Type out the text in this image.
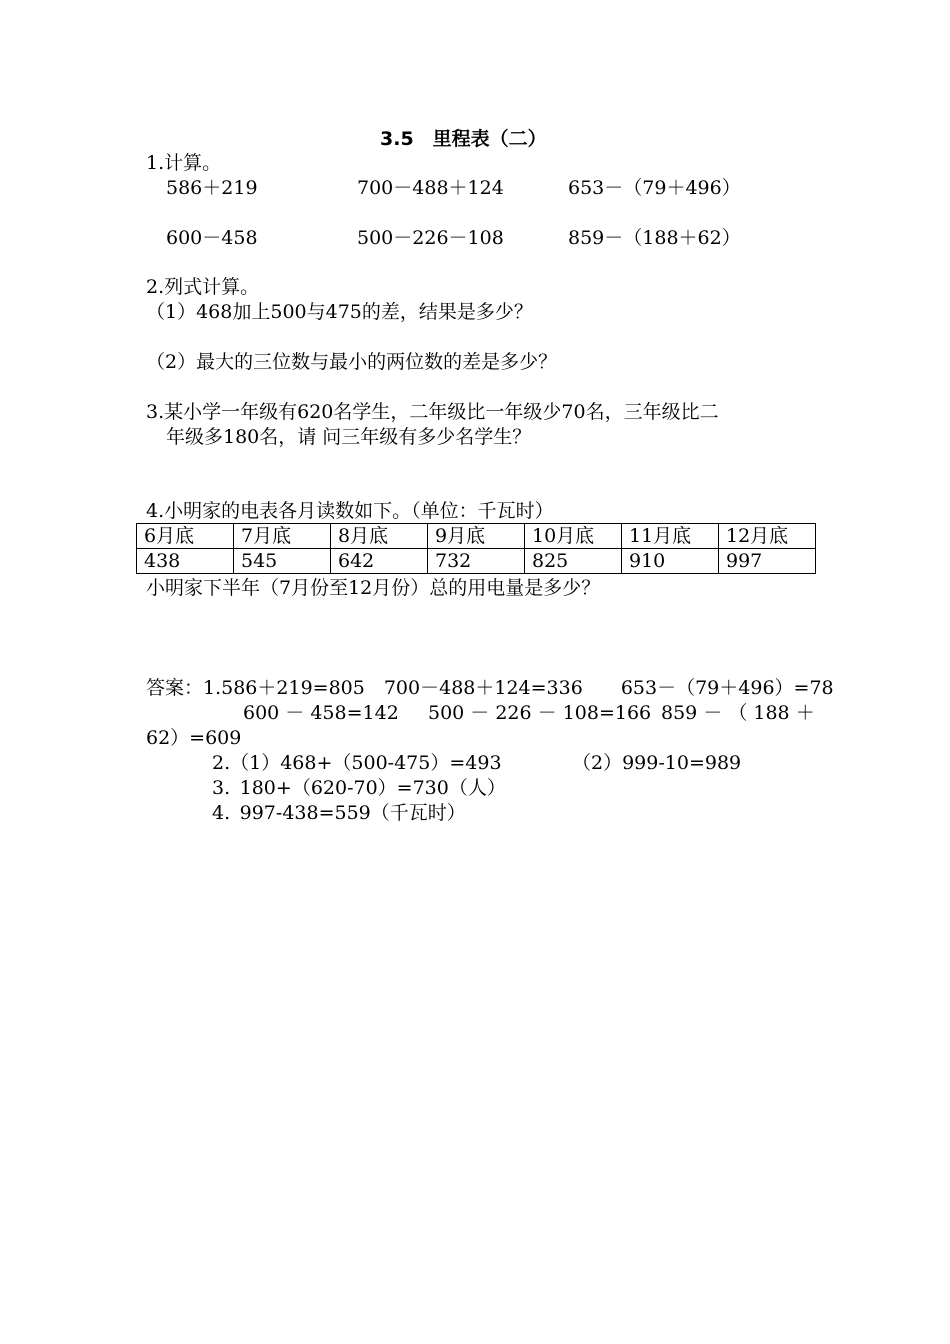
3.5　里程表（二）
1.计算。
586＋219	700－488＋124	653－（79＋496）
600－458	500－226－108	859－（188＋62）
2.列式计算。
（1）468加上500与475的差，结果是多少？
（2）最大的三位数与最小的两位数的差是多少？
3.某小学一年级有620名学生，二年级比一年级少70名，三年级比二
年级多180名，请 问三年级有多少名学生？
4.小明家的电表各月读数如下。（单位：千瓦时）
6月底	7月底	8月底	9月底	10月底	11月底	12月底
438	545	642	732	825	910	997
小明家下半年（7月份至12月份）总的用电量是多少？
答案：1.586＋219=805　700－488＋124=336　　653－（79＋496）=78
600 － 458=142 500 － 226 － 108=166 859 － （ 188 ＋
62）=609
2.（1）468+（500-475）=493	（2）999-10=989
3. 180+（620-70）=730（人）
4. 997-438=559（千瓦时）
